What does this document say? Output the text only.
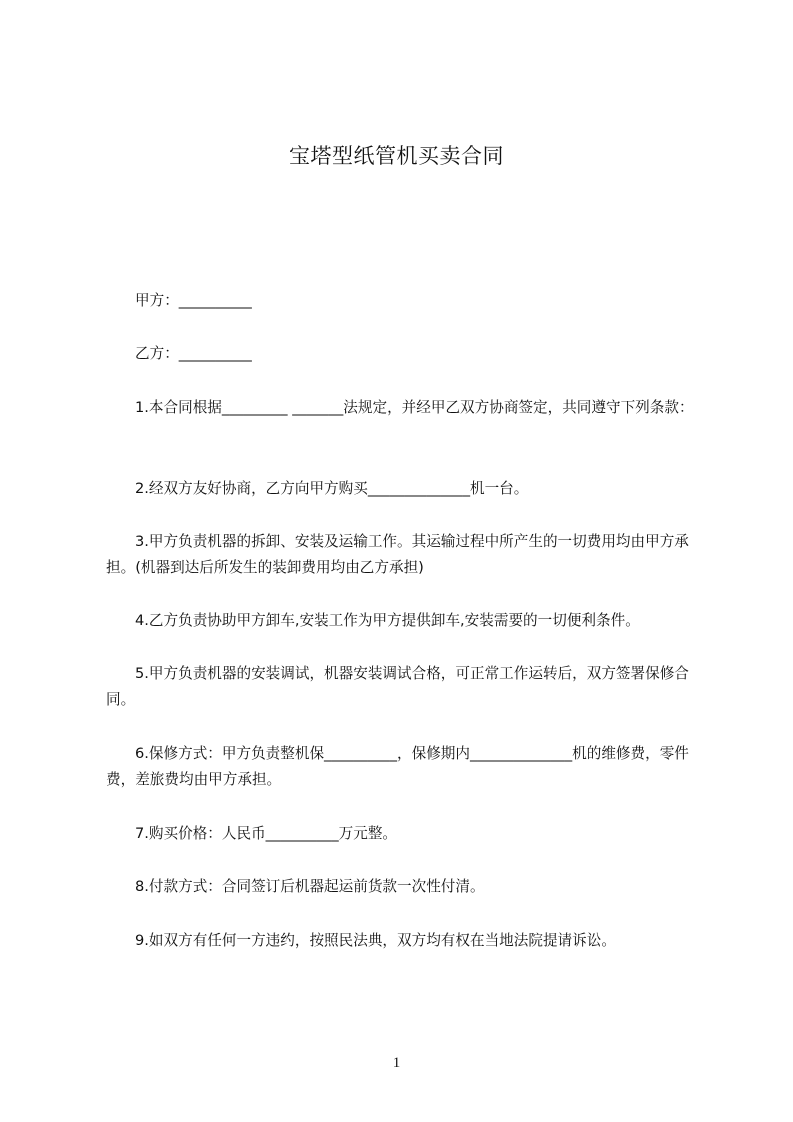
宝塔型纸管机买卖合同

甲方：__________

乙方：__________

1.本合同根据_________ _______法规定，并经甲乙双方协商签定，共同遵守下列条款：

2.经双方友好协商，乙方向甲方购买______________机一台。

3.甲方负责机器的拆卸、安装及运输工作。其运输过程中所产生的一切费用均由甲方承担。(机器到达后所发生的装卸费用均由乙方承担)

4.乙方负责协助甲方卸车,安装工作为甲方提供卸车,安装需要的一切便利条件。

5.甲方负责机器的安装调试，机器安装调试合格，可正常工作运转后，双方签署保修合同。

6.保修方式：甲方负责整机保__________，保修期内______________机的维修费，零件费，差旅费均由甲方承担。

7.购买价格：人民币__________万元整。

8.付款方式：合同签订后机器起运前货款一次性付清。

9.如双方有任何一方违约，按照民法典，双方均有权在当地法院提请诉讼。

1
